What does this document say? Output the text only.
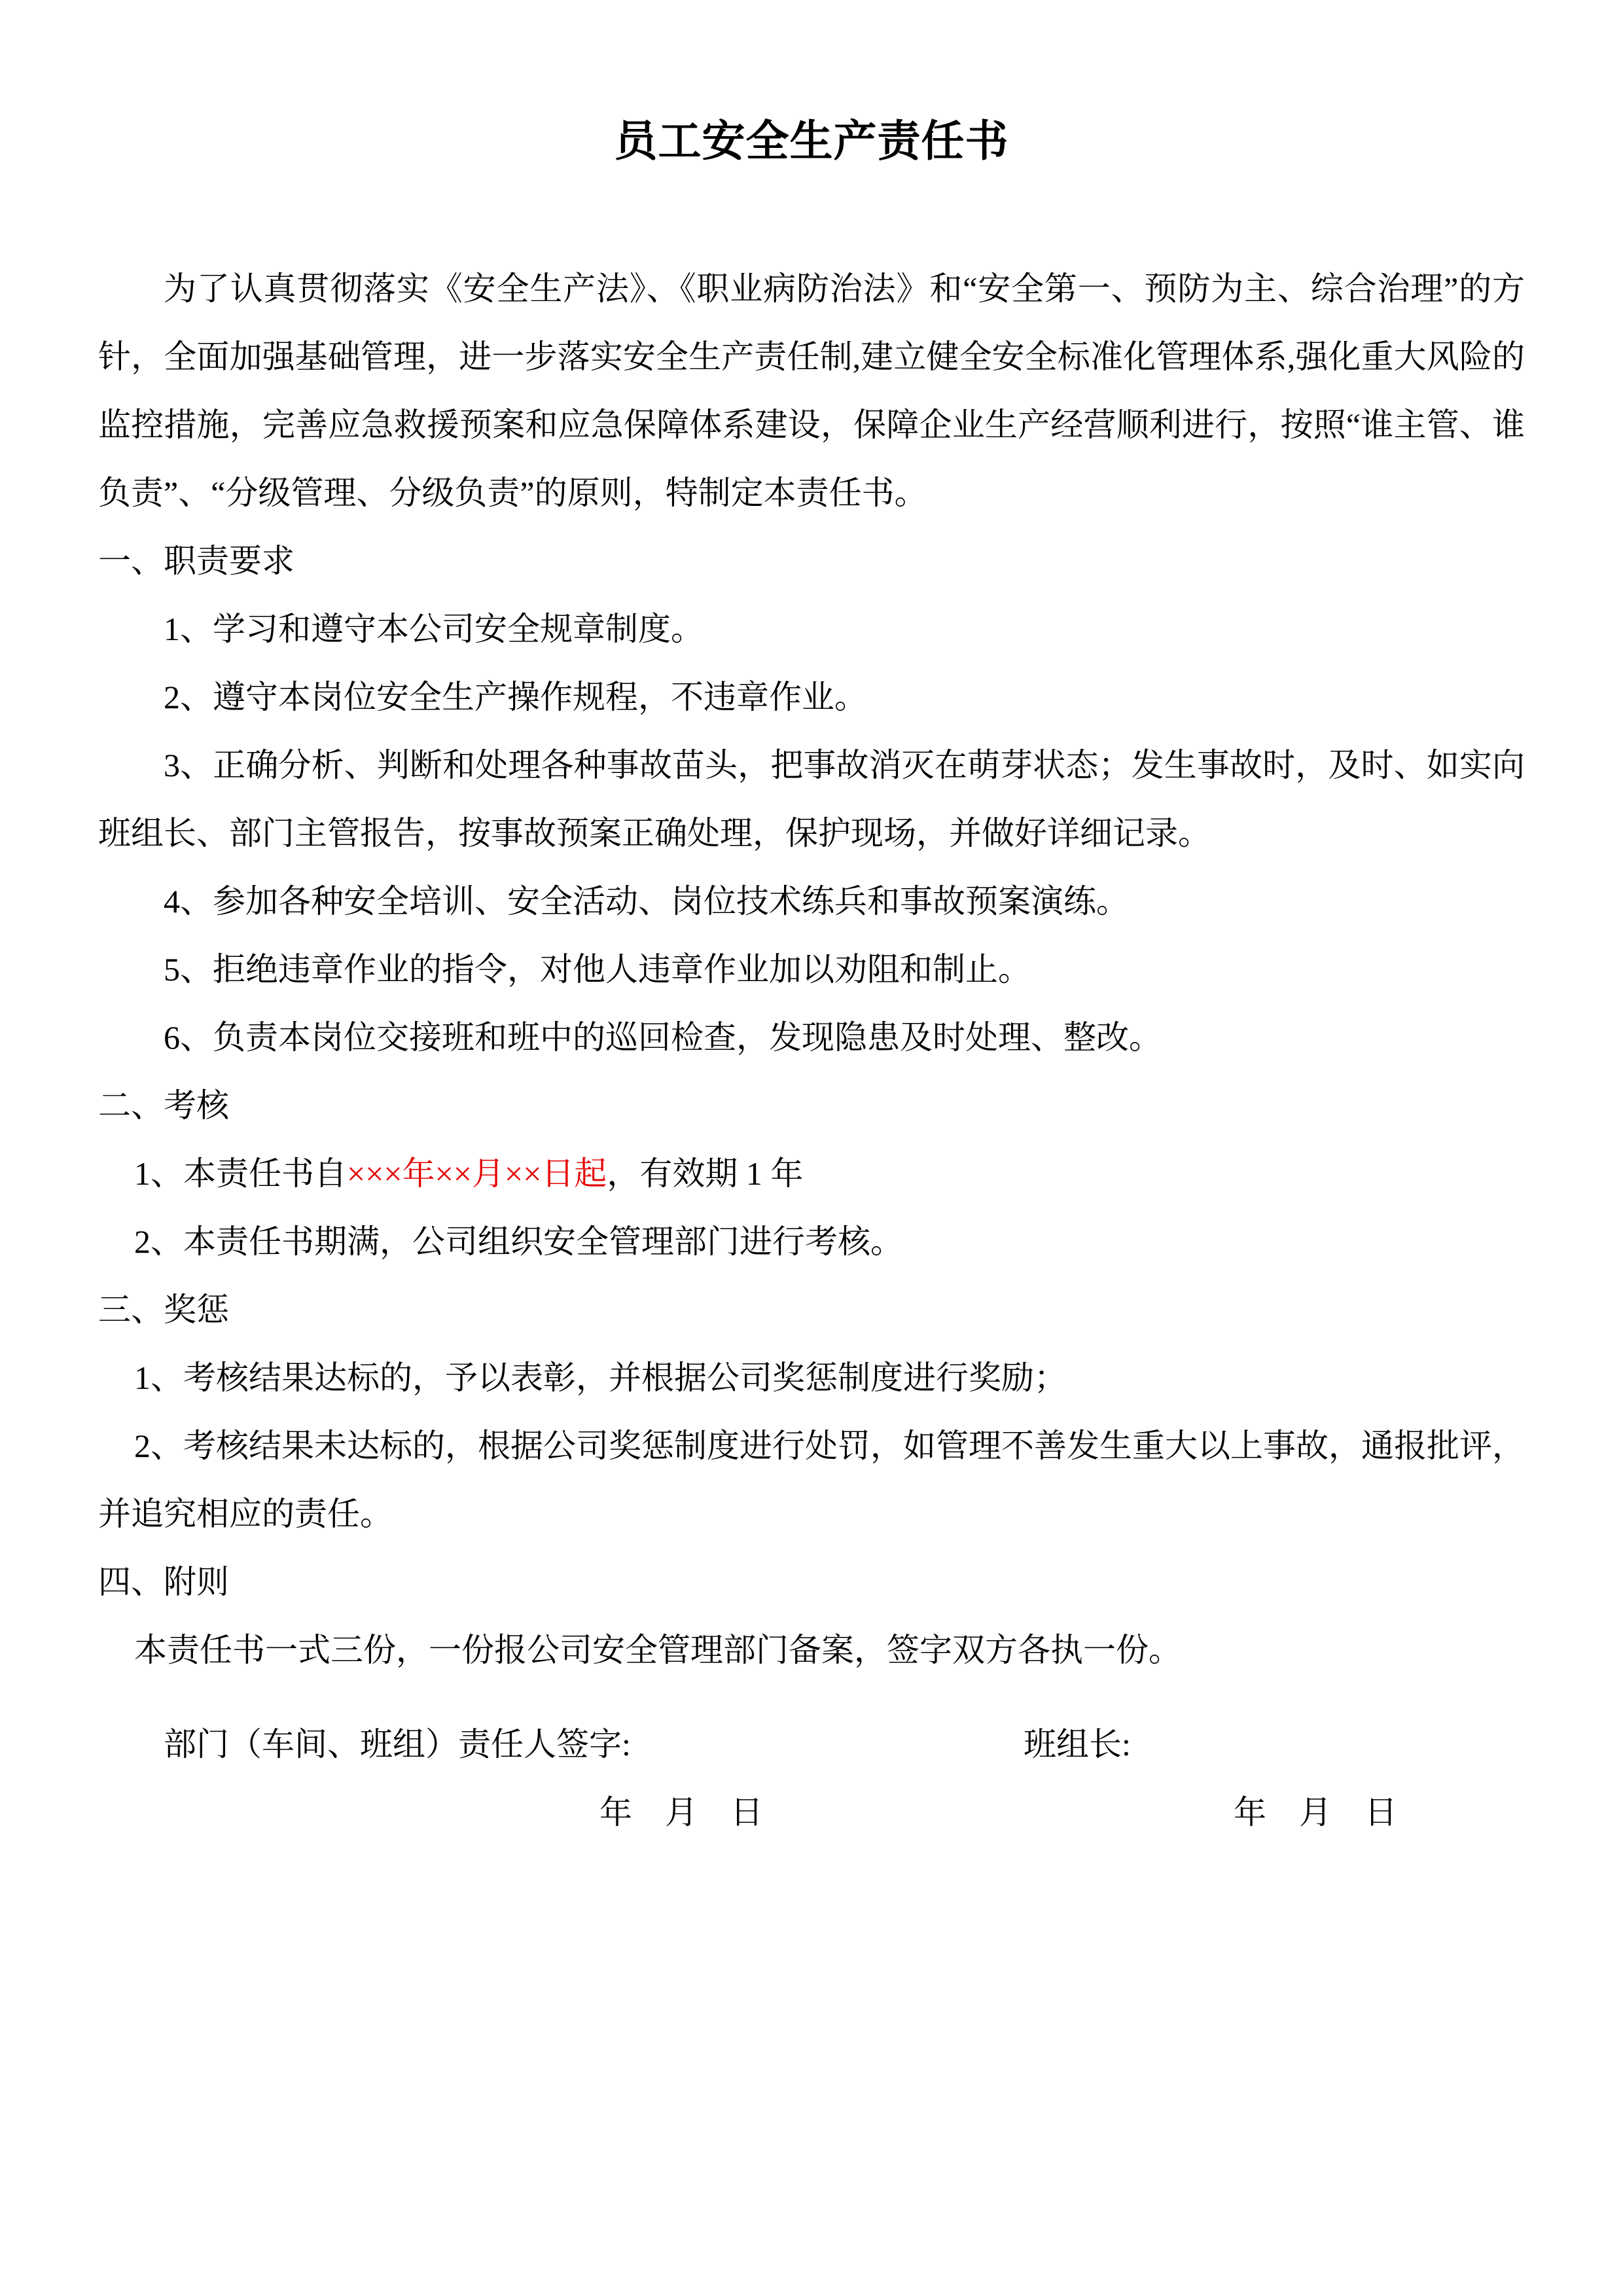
员工安全生产责任书

为了认真贯彻落实《安全生产法》、《职业病防治法》和“安全第一、预防为主、综合治理”的方针，全面加强基础管理，进一步落实安全生产责任制,建立健全安全标准化管理体系,强化重大风险的监控措施，完善应急救援预案和应急保障体系建设，保障企业生产经营顺利进行，按照“谁主管、谁负责”、“分级管理、分级负责”的原则，特制定本责任书。

一、职责要求

1、学习和遵守本公司安全规章制度。

2、遵守本岗位安全生产操作规程，不违章作业。

3、正确分析、判断和处理各种事故苗头，把事故消灭在萌芽状态；发生事故时，及时、如实向班组长、部门主管报告，按事故预案正确处理，保护现场，并做好详细记录。

4、参加各种安全培训、安全活动、岗位技术练兵和事故预案演练。

5、拒绝违章作业的指令，对他人违章作业加以劝阻和制止。

6、负责本岗位交接班和班中的巡回检查，发现隐患及时处理、整改。

二、考核

1、本责任书自×××年××月××日起，有效期 1 年

2、本责任书期满，公司组织安全管理部门进行考核。

三、奖惩

1、考核结果达标的，予以表彰，并根据公司奖惩制度进行奖励；

2、考核结果未达标的，根据公司奖惩制度进行处罚，如管理不善发生重大以上事故，通报批评，并追究相应的责任。

四、附则

本责任书一式三份，一份报公司安全管理部门备案，签字双方各执一份。

部门（车间、班组）责任人签字:	班组长:
年　月　日	年　月　日
